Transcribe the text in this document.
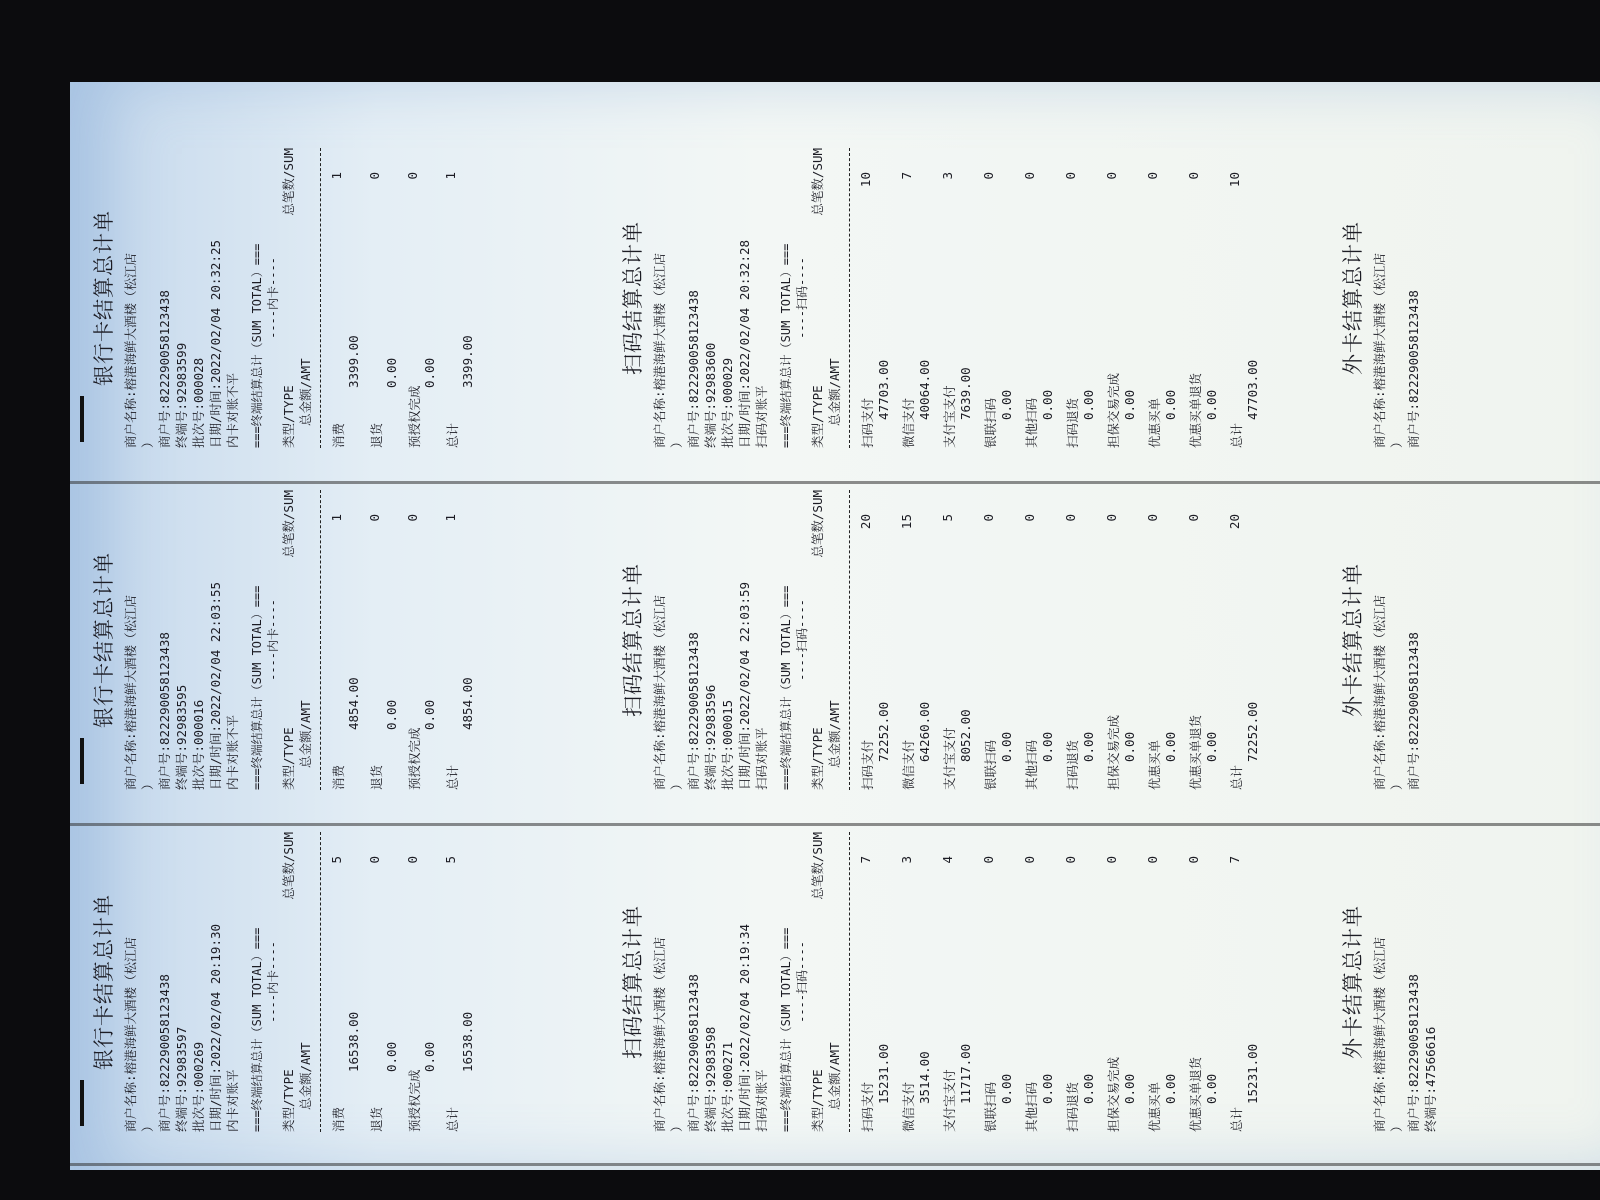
银行卡结算总计单 商户名称:榕港海鲜大酒楼（松江店 ） 商户号:822290058123438 终端号:92983597 批次号:000269 日期/时间:2022/02/04 20:19:30 内卡对账平 ===终端结算总计（SUM TOTAL）=== ----内卡----
类型/TYPE 总金额/AMT
总笔数/SUM
消费
16538.00
5
退货
0.00
0
预授权完成
0.00
0
总计
16538.00
5
扫码结算总计单 商户名称:榕港海鲜大酒楼（松江店 ） 商户号:822290058123438 终端号:92983598 批次号:000271 日期/时间:2022/02/04 20:19:34 扫码对账平 ===终端结算总计（SUM TOTAL）=== ----扫码----
类型/TYPE 总金额/AMT
总笔数/SUM
扫码支付
15231.00
7
微信支付
3514.00
3
支付宝支付 11717.00
4
银联扫码 0.00
0
其他扫码 0.00
0
扫码退货 0.00
0
担保交易完成 0.00
0
优惠买单 0.00
0
优惠买单退货 0.00
0
总计
15231.00
7
外卡结算总计单 商户名称:榕港海鲜大酒楼（松江店 ） 商户号:822290058123438 终端号:47566616
银行卡结算总计单 商户名称:榕港海鲜大酒楼（松江店 ） 商户号:822290058123438 终端号:92983595 批次号:000016 日期/时间:2022/02/04 22:03:55 内卡对账不平 ===终端结算总计（SUM TOTAL）=== ----内卡----
类型/TYPE 总金额/AMT
总笔数/SUM
消费
4854.00
1
退货
0.00
0
预授权完成
0.00
0
总计
4854.00
1
扫码结算总计单 商户名称:榕港海鲜大酒楼（松江店 ） 商户号:822290058123438 终端号:92983596 批次号:000015 日期/时间:2022/02/04 22:03:59 扫码对账平 ===终端结算总计（SUM TOTAL）=== ----扫码----
类型/TYPE 总金额/AMT
总笔数/SUM
扫码支付
72252.00
20
微信支付
64260.00
15
支付宝支付 8052.00
5
银联扫码 0.00
0
其他扫码 0.00
0
扫码退货 0.00
0
担保交易完成 0.00
0
优惠买单 0.00
0
优惠买单退货 0.00
0
总计
72252.00
20
外卡结算总计单 商户名称:榕港海鲜大酒楼（松江店 ） 商户号:822290058123438
银行卡结算总计单 商户名称:榕港海鲜大酒楼（松江店 ） 商户号:822290058123438 终端号:92983599 批次号:000028 日期/时间:2022/02/04 20:32:25 内卡对账不平 ===终端结算总计（SUM TOTAL）=== ----内卡----
类型/TYPE 总金额/AMT
总笔数/SUM
消费
3399.00
1
退货
0.00
0
预授权完成
0.00
0
总计
3399.00
1
扫码结算总计单 商户名称:榕港海鲜大酒楼（松江店 ） 商户号:822290058123438 终端号:92983600 批次号:000029 日期/时间:2022/02/04 20:32:28 扫码对账平 ===终端结算总计（SUM TOTAL）=== ----扫码----
类型/TYPE 总金额/AMT
总笔数/SUM
扫码支付
47703.00
10
微信支付
40064.00
7
支付宝支付 7639.00
3
银联扫码 0.00
0
其他扫码 0.00
0
扫码退货 0.00
0
担保交易完成 0.00
0
优惠买单 0.00
0
优惠买单退货 0.00
0
总计
47703.00
10
外卡结算总计单 商户名称:榕港海鲜大酒楼（松江店 ） 商户号:822290058123438
